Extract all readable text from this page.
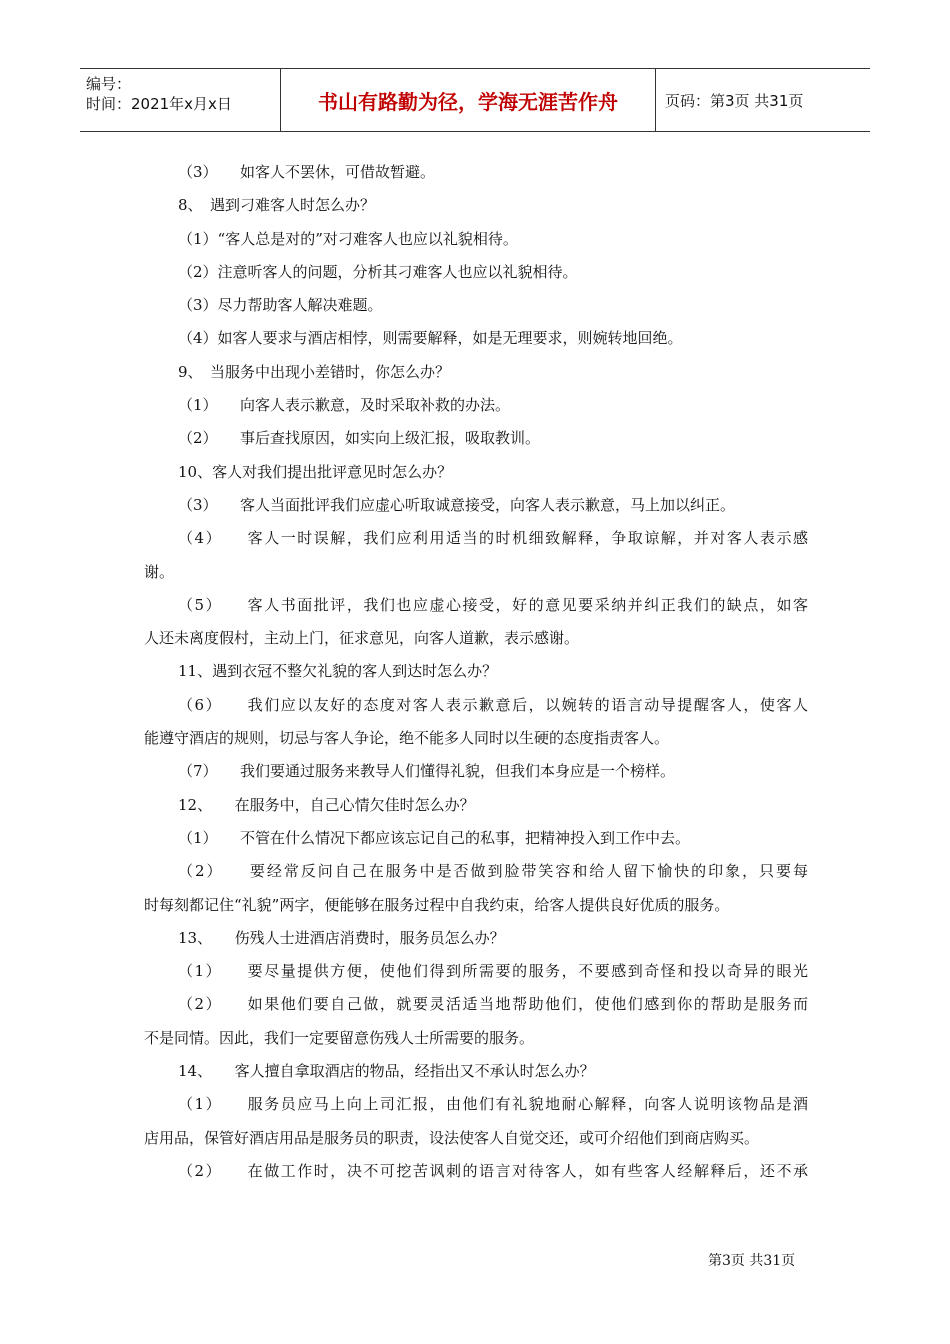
编号：
时间：2021年x月x日	书山有路勤为径，学海无涯苦作舟	页码：第3页 共31页
（3）　　如客人不罢休，可借故暂避。
8、　遇到刁难客人时怎么办？
（1）“客人总是对的”对刁难客人也应以礼貌相待。
（2）注意听客人的问题，分析其刁难客人也应以礼貌相待。
（3）尽力帮助客人解决难题。
（4）如客人要求与酒店相悖，则需要解释，如是无理要求，则婉转地回绝。
9、　当服务中出现小差错时，你怎么办？
（1）　　向客人表示歉意，及时采取补救的办法。
（2）　　事后查找原因，如实向上级汇报，吸取教训。
10、客人对我们提出批评意见时怎么办？
（3）　　客人当面批评我们应虚心听取诚意接受，向客人表示歉意，马上加以纠正。
（4）　　客人一时误解，我们应利用适当的时机细致解释，争取谅解，并对客人表示感
谢。
（5）　　客人书面批评，我们也应虚心接受，好的意见要采纳并纠正我们的缺点，如客
人还未离度假村，主动上门，征求意见，向客人道歉，表示感谢。
11、遇到衣冠不整欠礼貌的客人到达时怎么办？
（6）　　我们应以友好的态度对客人表示歉意后，以婉转的语言动导提醒客人，使客人
能遵守酒店的规则，切忌与客人争论，绝不能多人同时以生硬的态度指责客人。
（7）　　我们要通过服务来教导人们懂得礼貌，但我们本身应是一个榜样。
12、　　在服务中，自己心情欠佳时怎么办？
（1）　　不管在什么情况下都应该忘记自己的私事，把精神投入到工作中去。
（2）　　要经常反问自己在服务中是否做到脸带笑容和给人留下愉快的印象，只要每
时每刻都记住“礼貌”两字，便能够在服务过程中自我约束，给客人提供良好优质的服务。
13、　　伤残人士进酒店消费时，服务员怎么办？
（1）　　要尽量提供方便，使他们得到所需要的服务，不要感到奇怪和投以奇异的眼光
（2）　　如果他们要自己做，就要灵活适当地帮助他们，使他们感到你的帮助是服务而
不是同情。因此，我们一定要留意伤残人士所需要的服务。
14、　　客人擅自拿取酒店的物品，经指出又不承认时怎么办？
（1）　　服务员应马上向上司汇报，由他们有礼貌地耐心解释，向客人说明该物品是酒
店用品，保管好酒店用品是服务员的职责，设法使客人自觉交还，或可介绍他们到商店购买。
（2）　　在做工作时，决不可挖苦讽刺的语言对待客人，如有些客人经解释后，还不承
第3页 共31页
